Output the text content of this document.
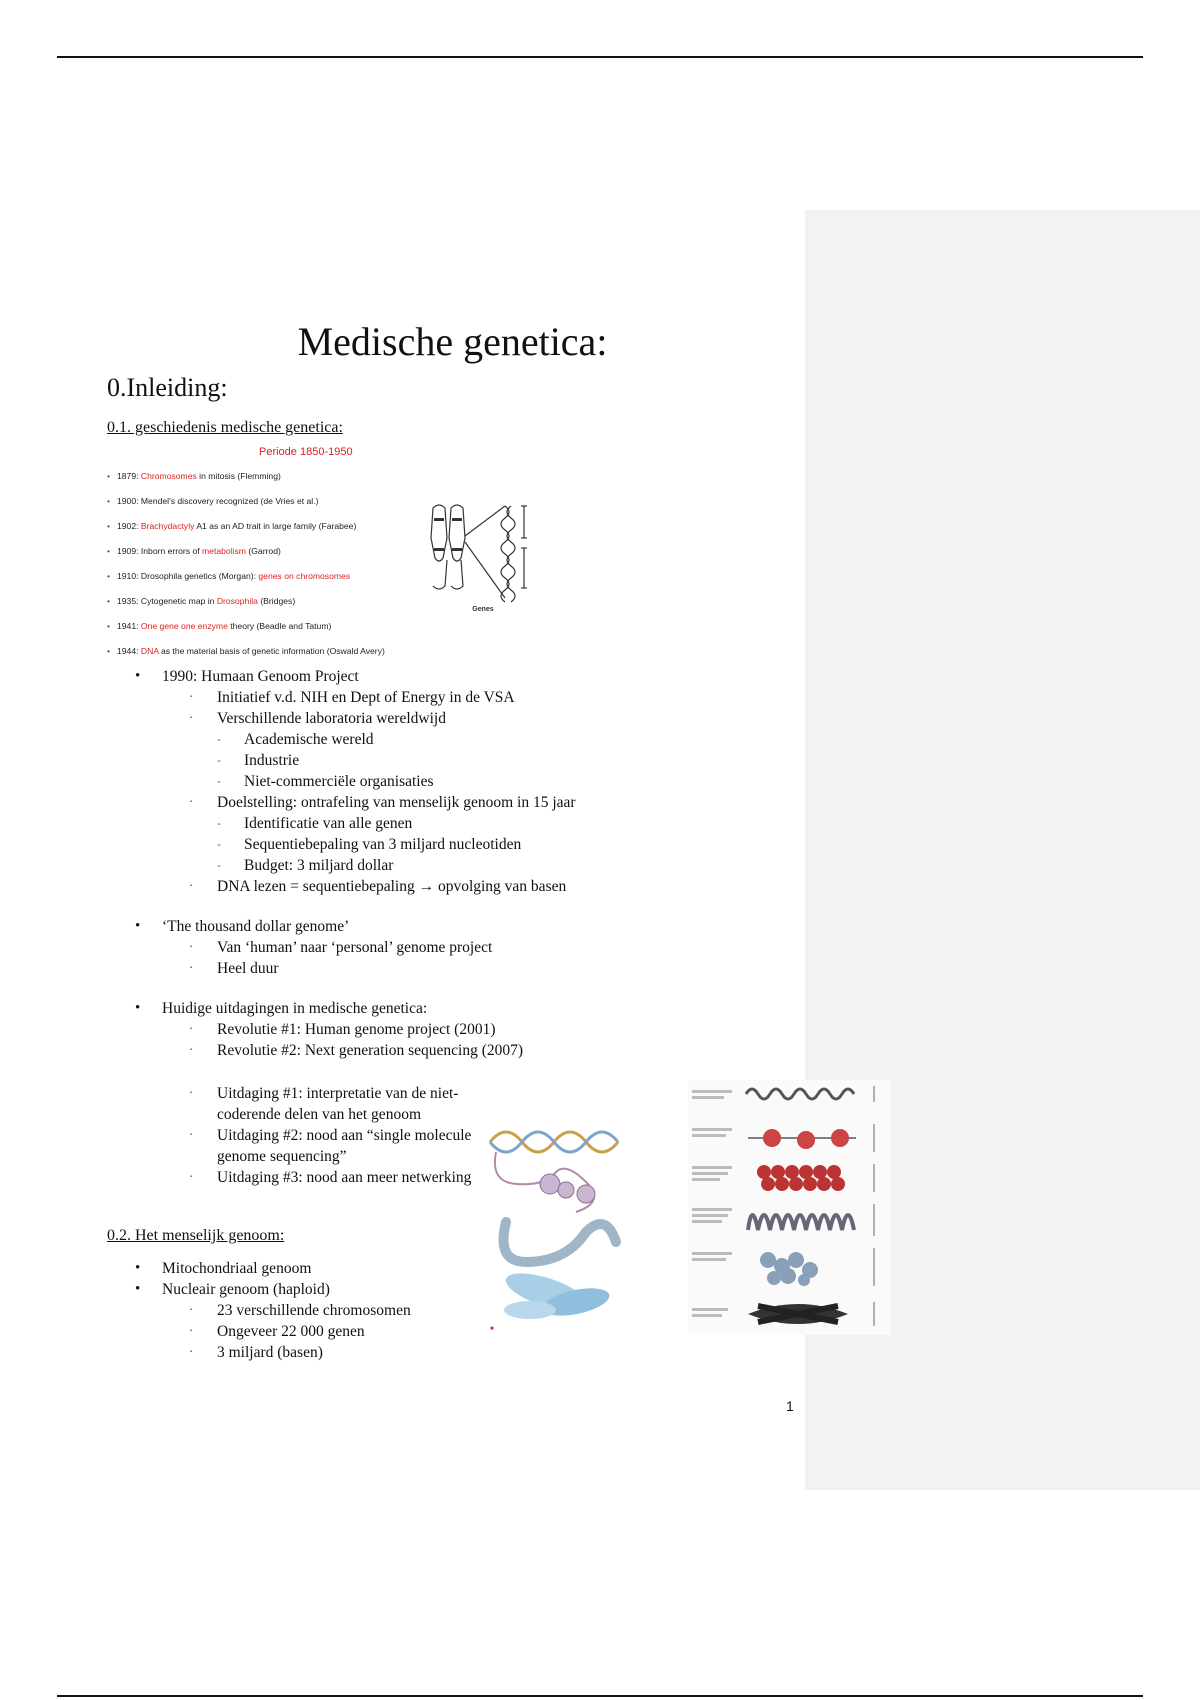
Medische genetica:
0.Inleiding:
0.1. geschiedenis medische genetica:
Periode 1850-1950
• 1879: Chromosomes in mitosis (Flemming)
• 1900: Mendel's discovery recognized (de Vries et al.)
• 1902: Brachydactyly A1 as an AD trait in large family (Farabee)
• 1909: Inborn errors of metabolism (Garrod)
• 1910: Drosophila genetics (Morgan): genes on chromosomes
• 1935: Cytogenetic map in Drosophila (Bridges)
• 1941: One gene one enzyme theory (Beadle and Tatum)
• 1944: DNA as the material basis of genetic information (Oswald Avery)
Genes
• 1990: Humaan Genoom Project
▪ Initiatief v.d. NIH en Dept of Energy in de VSA
▪ Verschillende laboratoria wereldwijd
- Academische wereld
- Industrie
- Niet-commerciële organisaties
▪ Doelstelling: ontrafeling van menselijk genoom in 15 jaar
- Identificatie van alle genen
- Sequentiebepaling van 3 miljard nucleotiden
- Budget: 3 miljard dollar
▪ DNA lezen = sequentiebepaling → opvolging van basen
• ‘The thousand dollar genome’
▪ Van ‘human’ naar ‘personal’ genome project
▪ Heel duur
• Huidige uitdagingen in medische genetica:
▪ Revolutie #1: Human genome project (2001)
▪ Revolutie #2: Next generation sequencing (2007)
▪ Uitdaging #1: interpretatie van de niet-coderende delen van het genoom
▪ Uitdaging #2: nood aan “single molecule genome sequencing”
▪ Uitdaging #3: nood aan meer netwerking
0.2. Het menselijk genoom:
• Mitochondriaal genoom
• Nucleair genoom (haploid)
▪ 23 verschillende chromosomen
▪ Ongeveer 22 000 genen
▪ 3 miljard (basen)
■
1
